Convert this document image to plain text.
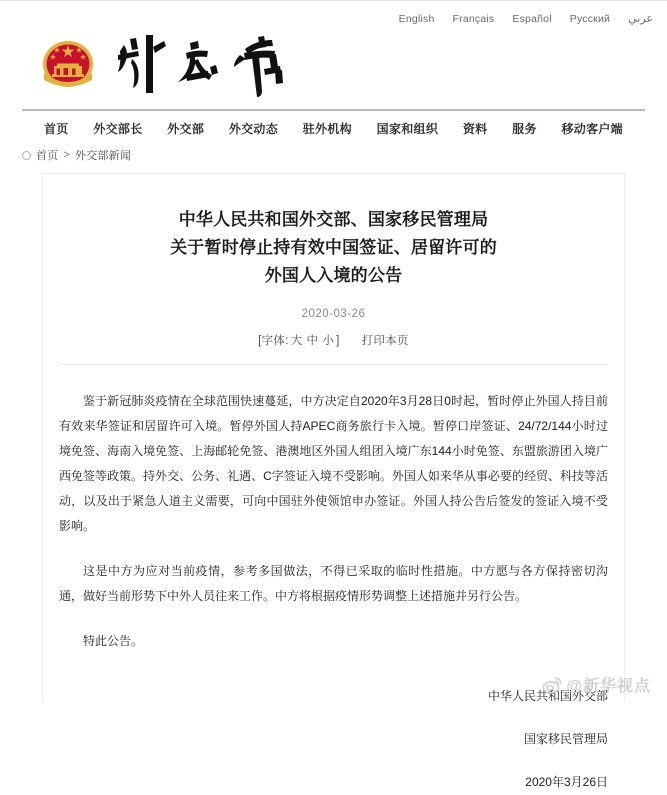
English Français Español Русский عربي
首页 外交部长 外交部 外交动态 驻外机构 国家和组织 资料 服务 移动客户端
首页 > 外交部新闻
中华人民共和国外交部、国家移民管理局
关于暂时停止持有效中国签证、居留许可的
外国人入境的公告
2020-03-26
[字体: 大 中 小 ] 打印本页

鉴于新冠肺炎疫情在全球范围快速蔓延，中方决定自2020年3月28日0时起，暂时停止外国人持目前有效来华签证和居留许可入境。暂停外国人持APEC商务旅行卡入境。暂停口岸签证、24/72/144小时过境免签、海南入境免签、上海邮轮免签、港澳地区外国人组团入境广东144小时免签、东盟旅游团入境广西免签等政策。持外交、公务、礼遇、C字签证入境不受影响。外国人如来华从事必要的经贸、科技等活动，以及出于紧急人道主义需要，可向中国驻外使领馆申办签证。外国人持公告后签发的签证入境不受影响。

这是中方为应对当前疫情，参考多国做法，不得已采取的临时性措施。中方愿与各方保持密切沟通，做好当前形势下中外人员往来工作。中方将根据疫情形势调整上述措施并另行公告。

特此公告。

中华人民共和国外交部
国家移民管理局
2020年3月26日
@新华视点
